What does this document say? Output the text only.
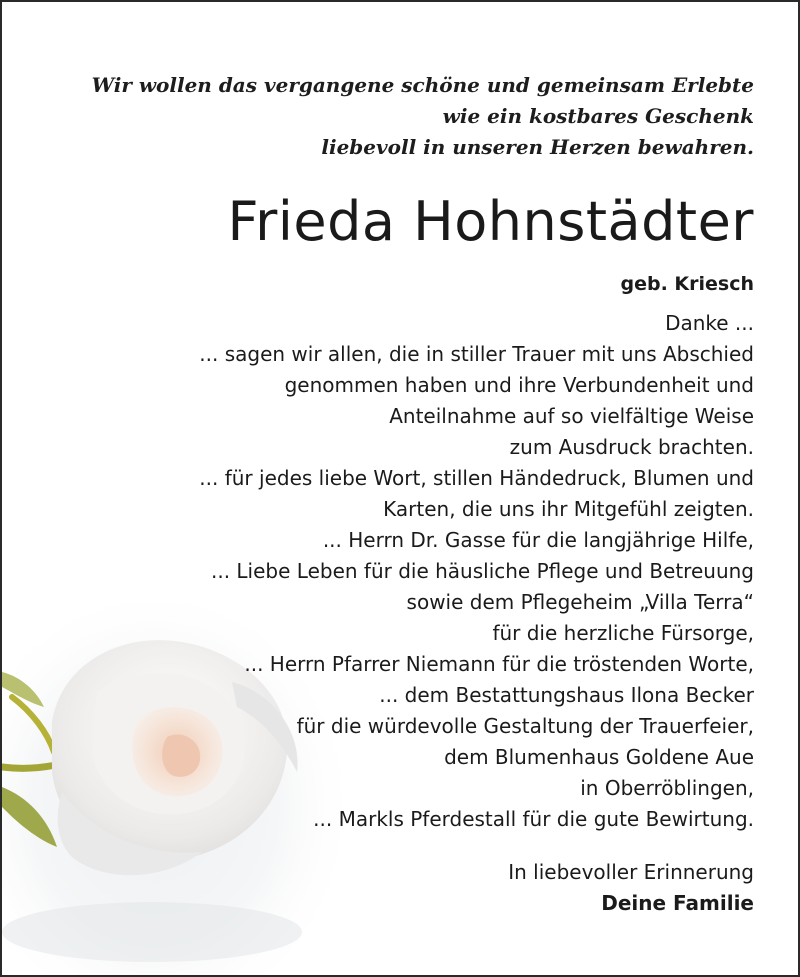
Wir wollen das vergangene schöne und gemeinsam Erlebte
wie ein kostbares Geschenk
liebevoll in unseren Herzen bewahren.
Frieda Hohnstädter
geb. Kriesch
Danke ...
... sagen wir allen, die in stiller Trauer mit uns Abschied
genommen haben und ihre Verbundenheit und
Anteilnahme auf so vielfältige Weise
zum Ausdruck brachten.
... für jedes liebe Wort, stillen Händedruck, Blumen und
Karten, die uns ihr Mitgefühl zeigten.
... Herrn Dr. Gasse für die langjährige Hilfe,
... Liebe Leben für die häusliche Pflege und Betreuung
sowie dem Pflegeheim „Villa Terra“
für die herzliche Fürsorge,
... Herrn Pfarrer Niemann für die tröstenden Worte,
... dem Bestattungshaus Ilona Becker
für die würdevolle Gestaltung der Trauerfeier,
dem Blumenhaus Goldene Aue
in Oberröblingen,
... Markls Pferdestall für die gute Bewirtung.
In liebevoller Erinnerung
Deine Familie
